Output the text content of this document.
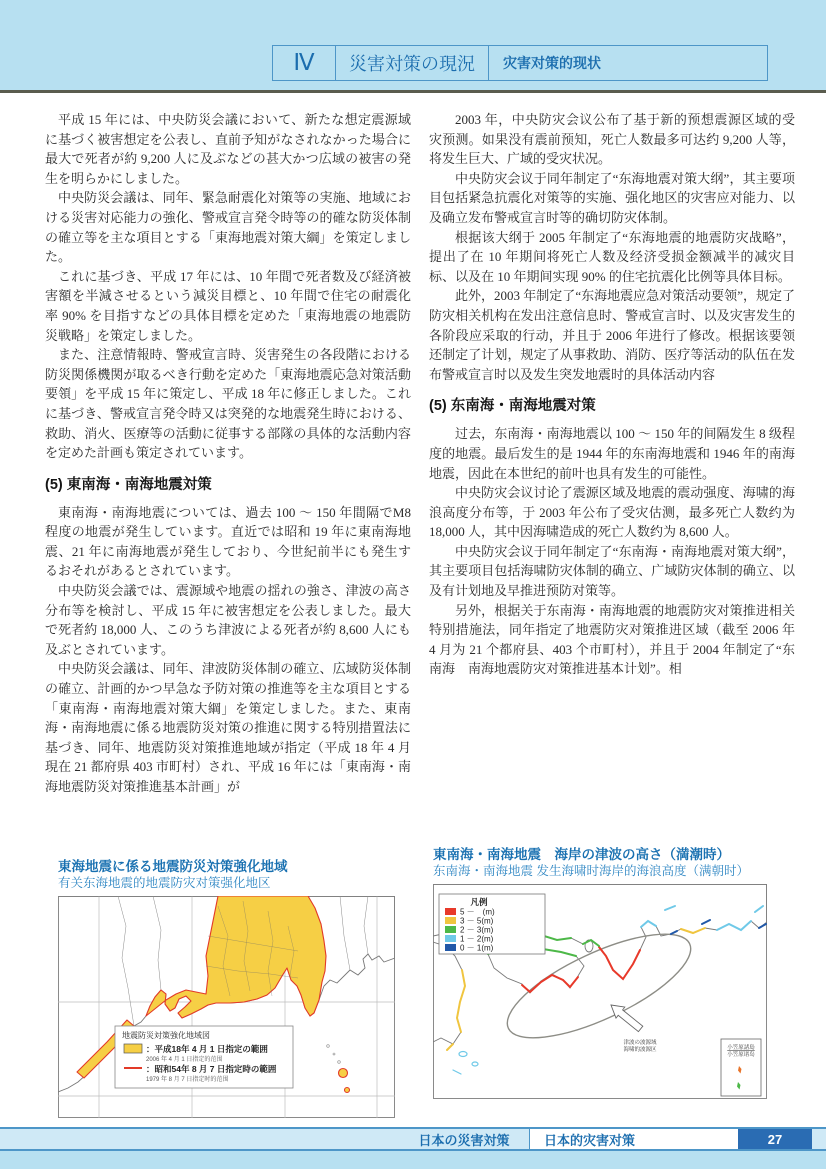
Ⅳ	災害対策の現況	灾害对策的现状

平成 15 年には、中央防災会議において、新たな想定震源域に基づく被害想定を公表し、直前予知がなされなかった場合に最大で死者が約 9,200 人に及ぶなどの甚大かつ広域の被害の発生を明らかにしました。

中央防災会議は、同年、緊急耐震化対策等の実施、地域における災害対応能力の強化、警戒宣言発令時等の的確な防災体制の確立等を主な項目とする「東海地震対策大綱」を策定しました。

これに基づき、平成 17 年には、10 年間で死者数及び経済被害額を半減させるという減災目標と、10 年間で住宅の耐震化率 90% を目指すなどの具体目標を定めた「東海地震の地震防災戦略」を策定しました。

また、注意情報時、警戒宣言時、災害発生の各段階における防災関係機関が取るべき行動を定めた「東海地震応急対策活動要領」を平成 15 年に策定し、平成 18 年に修正しました。これに基づき、警戒宣言発令時又は突発的な地震発生時における、救助、消火、医療等の活動に従事する部隊の具体的な活動内容を定めた計画も策定されています。

(5) 東南海・南海地震対策

東南海・南海地震については、過去 100 ～ 150 年間隔でM8 程度の地震が発生しています。直近では昭和 19 年に東南海地震、21 年に南海地震が発生しており、今世紀前半にも発生するおそれがあるとされています。

中央防災会議では、震源域や地震の揺れの強さ、津波の高さ分布等を検討し、平成 15 年に被害想定を公表しました。最大で死者約 18,000 人、このうち津波による死者が約 8,600 人にも及ぶとされています。

中央防災会議は、同年、津波防災体制の確立、広域防災体制の確立、計画的かつ早急な予防対策の推進等を主な項目とする「東南海・南海地震対策大綱」を策定しました。また、東南海・南海地震に係る地震防災対策の推進に関する特別措置法に基づき、同年、地震防災対策推進地域が指定（平成 18 年 4 月現在 21 都府県 403 市町村）され、平成 16 年には「東南海・南海地震防災対策推進基本計画」が

2003 年，中央防灾会议公布了基于新的预想震源区域的受灾预测。如果没有震前预知，死亡人数最多可达约 9,200 人等，将发生巨大、广域的受灾状况。

中央防灾会议于同年制定了“东海地震对策大纲”，其主要项目包括紧急抗震化对策等的实施、强化地区的灾害应对能力、以及确立发布警戒宣言时等的确切防灾体制。

根据该大纲于 2005 年制定了“东海地震的地震防灾战略”，提出了在 10 年期间将死亡人数及经济受损金额减半的减灾目标、以及在 10 年期间实现 90% 的住宅抗震化比例等具体目标。

此外，2003 年制定了“东海地震应急对策活动要领”，规定了防灾相关机构在发出注意信息时、警戒宣言时、以及灾害发生的各阶段应采取的行动，并且于 2006 年进行了修改。根据该要领还制定了计划，规定了从事救助、消防、医疗等活动的队伍在发布警戒宣言时以及发生突发地震时的具体活动内容

(5) 东南海・南海地震对策

过去，东南海・南海地震以 100 ～ 150 年的间隔发生 8 级程度的地震。最后发生的是 1944 年的东南海地震和 1946 年的南海地震，因此在本世纪的前叶也具有发生的可能性。

中央防灾会议讨论了震源区域及地震的震动强度、海啸的海浪高度分布等，于 2003 年公布了受灾估测，最多死亡人数约为 18,000 人，其中因海啸造成的死亡人数约为 8,600 人。

中央防灾会议于同年制定了“东南海・南海地震对策大纲”，其主要项目包括海啸防灾体制的确立、广域防灾体制的确立、以及有计划地及早推进预防对策等。

另外，根据关于东南海・南海地震的地震防灾对策推进相关特别措施法，同年指定了地震防灾对策推进区域（截至 2006 年 4 月为 21 个都府县、403 个市町村），并且于 2004 年制定了“东南海　南海地震防灾对策推进基本计划”。相

東海地震に係る地震防災対策強化地域
有关东海地震的地震防灾对策强化地区
地震防災対策強化地域図
：平成18年 4 月 1 日指定の範囲
2006 年 4 月 1 日指定的范围
：昭和54年 8 月 7 日指定時の範囲
1979 年 8 月 7 日指定时的范围
東南海・南海地震　海岸の津波の高さ（満潮時）
东南海・南海地震 发生海啸时海岸的海浪高度（满朝时）
津波の波源域
海啸的波源区
凡例
5 －　(m)
3 － 5(m)
2 － 3(m)
1 － 2(m)
0 － 1(m)
小笠原諸島
小笠原诸岛
日本の災害対策	日本的灾害对策	27
